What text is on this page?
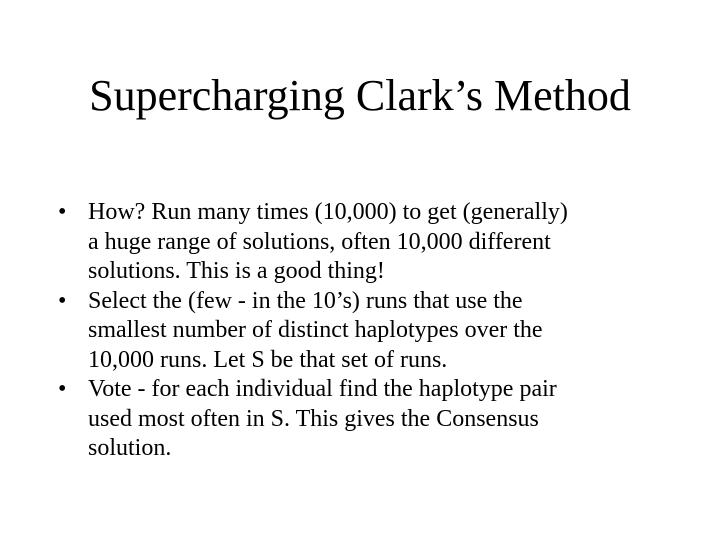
Supercharging Clark’s Method
• How? Run many times (10,000) to get (generally)
a huge range of solutions, often 10,000 different
solutions. This is a good thing!
• Select the (few - in the 10’s) runs that use the
smallest number of distinct haplotypes over the
10,000 runs. Let S be that set of runs.
• Vote - for each individual find the haplotype pair
used most often in S. This gives the Consensus
solution.
